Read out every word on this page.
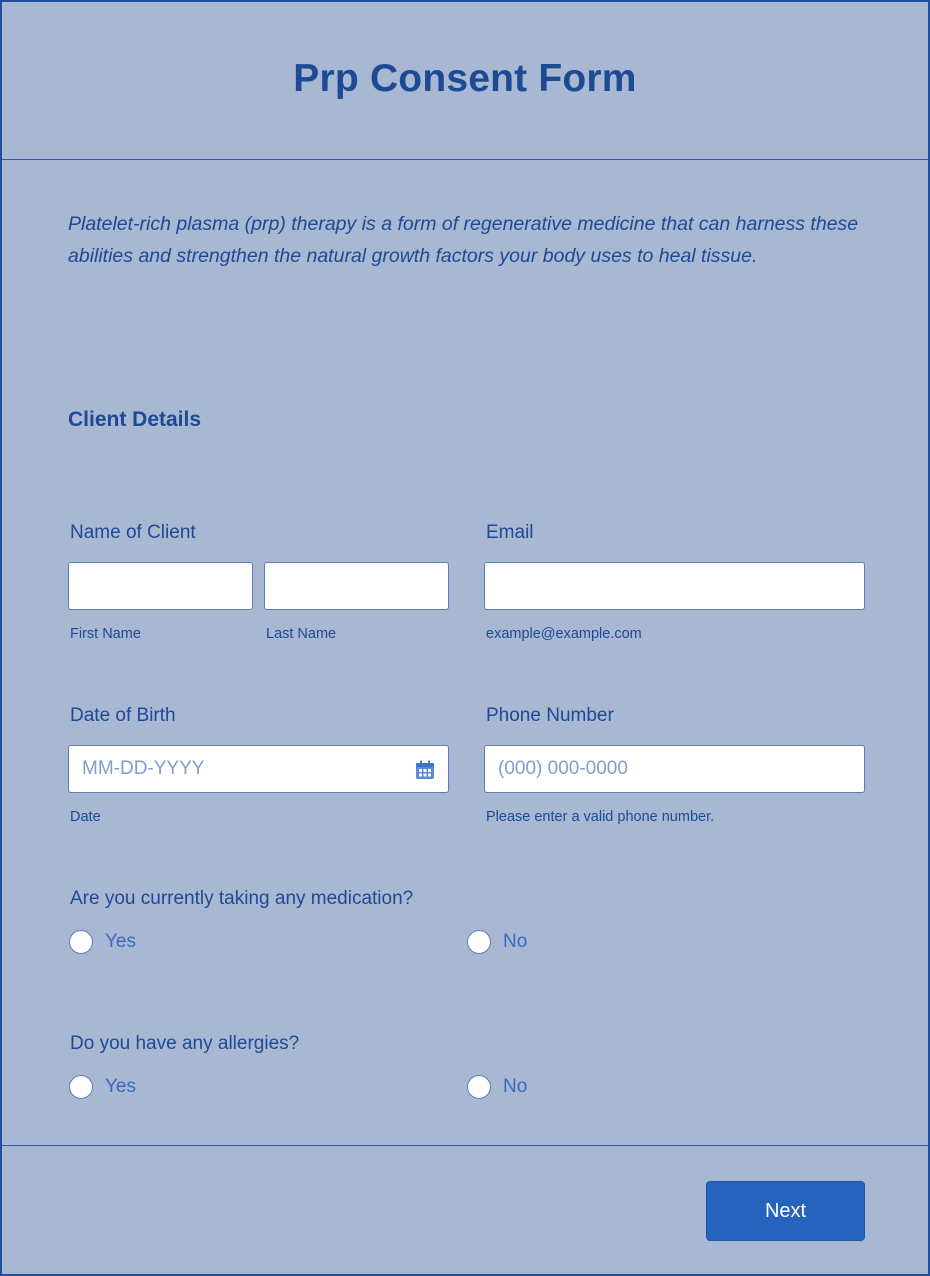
Prp Consent Form

Platelet-rich plasma (prp) therapy is a form of regenerative medicine that can harness these abilities and strengthen the natural growth factors your body uses to heal tissue.

Client Details
Name of Client
First Name	Last Name
Email
example@example.com
Date of Birth
MM-DD-YYYY
Date
Phone Number
(000) 000-0000
Please enter a valid phone number.
Are you currently taking any medication?
Yes	No
Do you have any allergies?
Yes	No
Next
